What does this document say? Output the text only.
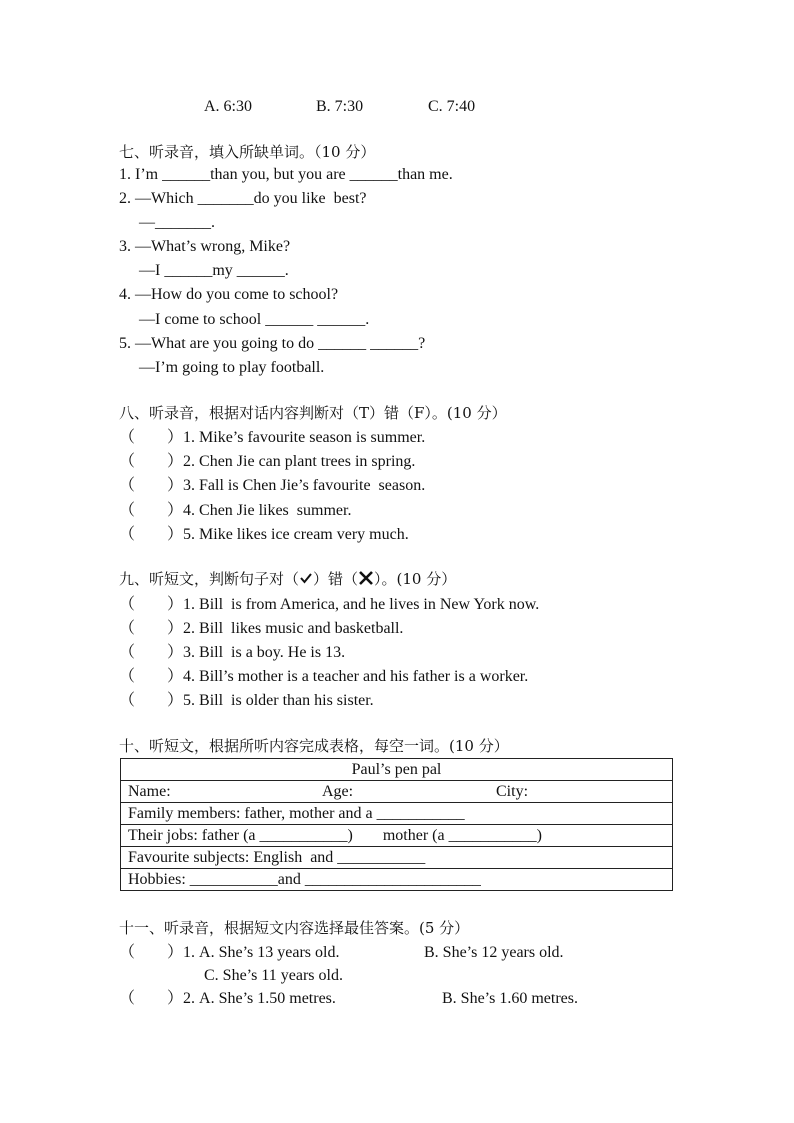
A. 6:30	B. 7:30	C. 7:40
七、听录音，填入所缺单词。（10 分）
1. I’m ______than you, but you are ______than me.
2. —Which _______do you like  best?
—_______.
3. —What’s wrong, Mike?
—I ______my ______.
4. —How do you come to school?
—I come to school ______ ______.
5. —What are you going to do ______ ______?
—I’m going to play football.
八、听录音，根据对话内容判断对（T）错（F）。(10 分）
（　　）1. Mike’s favourite season is summer.
（　　）2. Chen Jie can plant trees in spring.
（　　）3. Fall is Chen Jie’s favourite  season.
（　　）4. Chen Jie likes  summer.
（　　）5. Mike likes ice cream very much.
九、听短文，判断句子对（ ）错（ ）。(10 分）
（　　）1. Bill  is from America, and he lives in New York now.
（　　）2. Bill  likes music and basketball.
（　　）3. Bill  is a boy. He is 13.
（　　）4. Bill’s mother is a teacher and his father is a worker.
（　　）5. Bill  is older than his sister.
十、听短文，根据所听内容完成表格，每空一词。(10 分）
Paul’s pen pal
Name:	Age:	City:
Family members: father, mother and a ___________
Their jobs: father (a ___________) mother (a ___________)
Favourite subjects: English  and ___________
Hobbies: ___________and ______________________
十一、听录音，根据短文内容选择最佳答案。(5 分）
（　　）1. A. She’s 13 years old.	B. She’s 12 years old.
C. She’s 11 years old.
（　　）2. A. She’s 1.50 metres.	B. She’s 1.60 metres.
